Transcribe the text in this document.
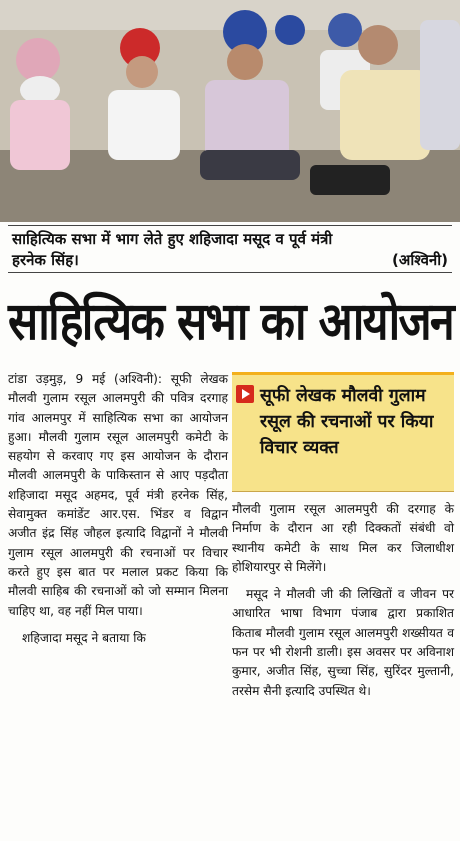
साहित्यिक सभा में भाग लेते हुए शहिजादा मसूद व पूर्व मंत्री
हरनेक सिंह।	(अश्विनी)
साहित्यिक सभा का आयोजन

टांडा उड़मुड़, 9 मई (अश्विनी): सूफी लेखक मौलवी गुलाम रसूल आलमपुरी की पवित्र दरगाह गांव आलमपुर में साहित्यिक सभा का आयोजन हुआ। मौलवी गुलाम रसूल आलमपुरी कमेटी के सहयोग से करवाए गए इस आयोजन के दौरान मौलवी आलमपुरी के पाकिस्तान से आए पड़दौता शहिजादा मसूद अहमद, पूर्व मंत्री हरनेक सिंह, सेवामुक्त कमांडेंट आर.एस. भिंडर व विद्वान अजीत इंद्र सिंह जौहल इत्यादि विद्वानों ने मौलवी गुलाम रसूल आलमपुरी की रचनाओं पर विचार करते हुए इस बात पर मलाल प्रकट किया कि मौलवी साहिब की रचनाओं को जो सम्मान मिलना चाहिए था, वह नहीं मिल पाया।

शहिजादा मसूद ने बताया कि

सूफी लेखक मौलवी गुलाम रसूल की रचनाओं पर किया विचार व्यक्त

मौलवी गुलाम रसूल आलमपुरी की दरगाह के निर्माण के दौरान आ रही दिक्कतों संबंधी वो स्थानीय कमेटी के साथ मिल कर जिलाधीश होशियारपुर से मिलेंगे।

मसूद ने मौलवी जी की लिखितों व जीवन पर आधारित भाषा विभाग पंजाब द्वारा प्रकाशित किताब मौलवी गुलाम रसूल आलमपुरी शख्सीयत व फन पर भी रोशनी डाली। इस अवसर पर अविनाश कुमार, अजीत सिंह, सुच्चा सिंह, सुरिंदर मुल्तानी, तरसेम सैनी इत्यादि उपस्थित थे।
